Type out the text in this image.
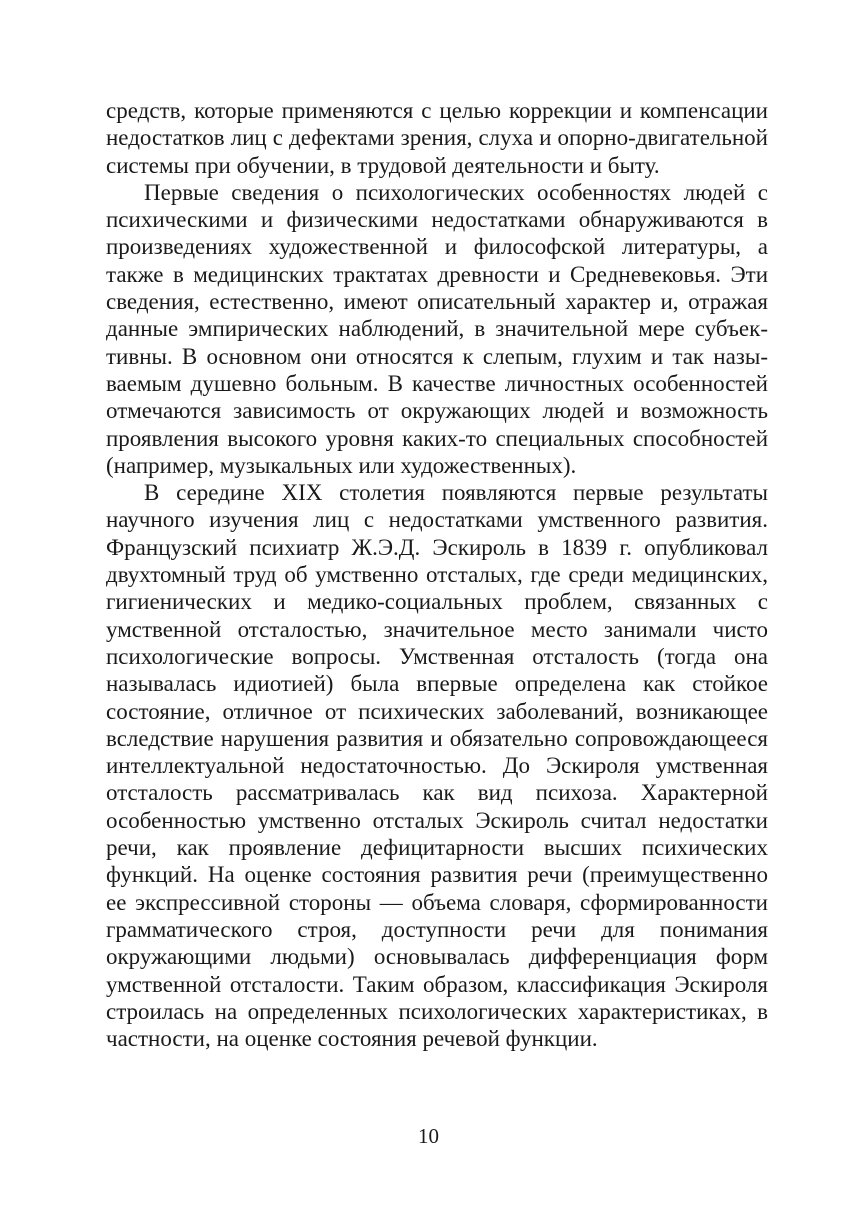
средств, которые применяются с целью коррекции и компенсации недостатков лиц с дефектами зрения, слуха и опорно-двигательной системы при обучении, в трудовой деятельности и быту.

Первые сведения о психологических особенностях людей с психическими и физическими недостатками обнаруживаются в произведениях художественной и философской литературы, а также в медицинских трактатах древности и Средневековья. Эти сведения, естественно, имеют описательный характер и, отражая данные эмпирических наблюдений, в значительной мере субъективны. В основном они относятся к слепым, глухим и так называемым душевно больным. В качестве личностных особенностей отмечаются зависимость от окружающих людей и возможность проявления высокого уровня каких-то специальных способностей (например, музыкальных или художественных).

В середине XIX столетия появляются первые результаты научного изучения лиц с недостатками умственного развития. Французский психиатр Ж.Э.Д. Эскироль в 1839 г. опубликовал двухтомный труд об умственно отсталых, где среди медицинских, гигиенических и медико-социальных проблем, связанных с умственной отсталостью, значительное место занимали чисто психологические вопросы. Умственная отсталость (тогда она называлась идиотией) была впервые определена как стойкое состояние, отличное от психических заболеваний, возникающее вследствие нарушения развития и обязательно сопровождающееся интеллектуальной недостаточностью. До Эскироля умственная отсталость рассматривалась как вид психоза. Характерной особенностью умственно отсталых Эскироль считал недостатки речи, как проявление дефицитарности высших психических функций. На оценке состояния развития речи (преимущественно ее экспрессивной стороны — объема словаря, сформированности грамматического строя, доступности речи для понимания окружающими людьми) основывалась дифференциация форм умственной отсталости. Таким образом, классификация Эскироля строилась на определенных психологических характеристиках, в частности, на оценке состояния речевой функции.

10
